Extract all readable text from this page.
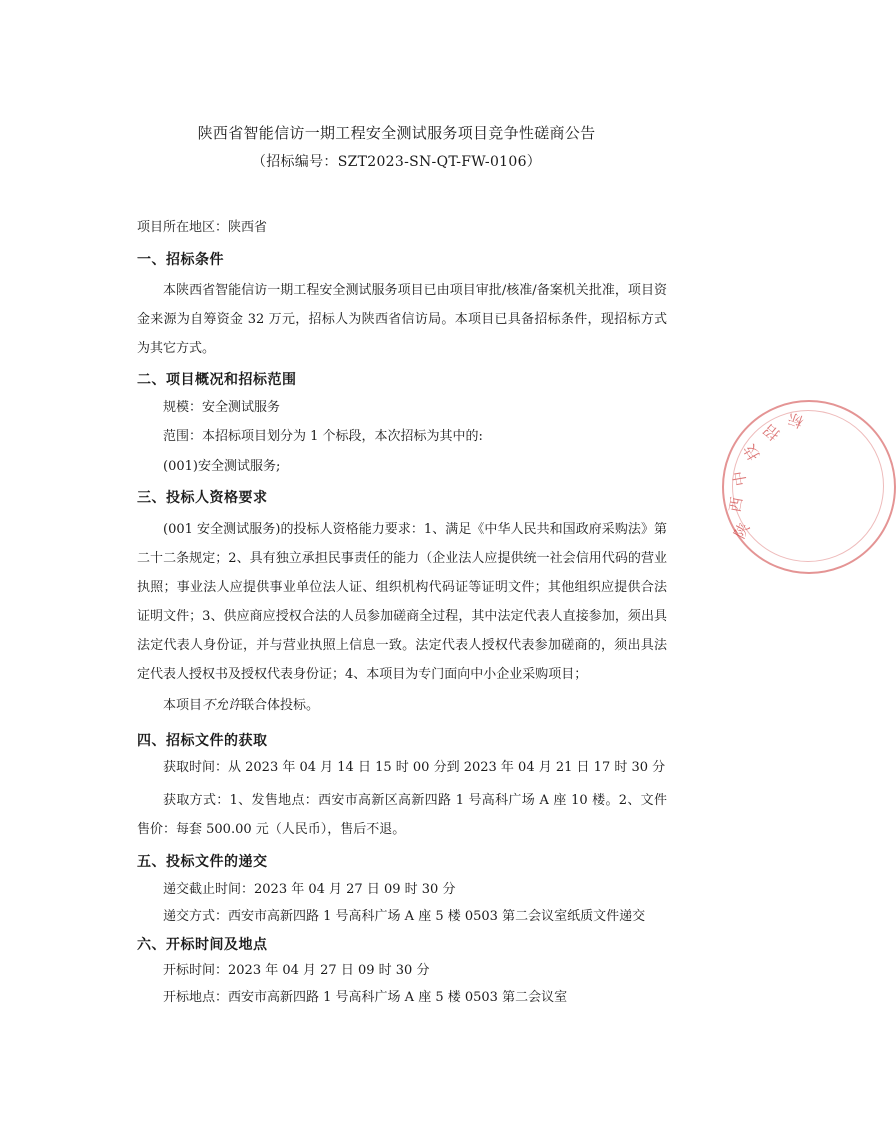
陕西省智能信访一期工程安全测试服务项目竞争性磋商公告
（招标编号：SZT2023-SN-QT-FW-0106）
项目所在地区：陕西省
一、招标条件
本陕西省智能信访一期工程安全测试服务项目已由项目审批/核准/备案机关批准，项目资金来源为自筹资金 32 万元，招标人为陕西省信访局。本项目已具备招标条件，现招标方式为其它方式。
二、项目概况和招标范围
规模：安全测试服务
范围：本招标项目划分为 1 个标段，本次招标为其中的:
(001)安全测试服务;
三、投标人资格要求
(001 安全测试服务)的投标人资格能力要求：1、满足《中华人民共和国政府采购法》第二十二条规定；2、具有独立承担民事责任的能力（企业法人应提供统一社会信用代码的营业执照；事业法人应提供事业单位法人证、组织机构代码证等证明文件；其他组织应提供合法证明文件；3、供应商应授权合法的人员参加磋商全过程，其中法定代表人直接参加，须出具法定代表人身份证，并与营业执照上信息一致。法定代表人授权代表参加磋商的，须出具法定代表人授权书及授权代表身份证；4、本项目为专门面向中小企业采购项目；
本项目不允许联合体投标。
四、招标文件的获取
获取时间：从 2023 年 04 月 14 日 15 时 00 分到 2023 年 04 月 21 日 17 时 30 分
获取方式：1、发售地点：西安市高新区高新四路 1 号高科广场 A 座 10 楼。2、文件售价：每套 500.00 元（人民币），售后不退。
五、投标文件的递交
递交截止时间：2023 年 04 月 27 日 09 时 30 分
递交方式：西安市高新四路 1 号高科广场 A 座 5 楼 0503 第二会议室纸质文件递交
六、开标时间及地点
开标时间：2023 年 04 月 27 日 09 时 30 分
开标地点：西安市高新四路 1 号高科广场 A 座 5 楼 0503 第二会议室
陕
西
中
技
招
标
